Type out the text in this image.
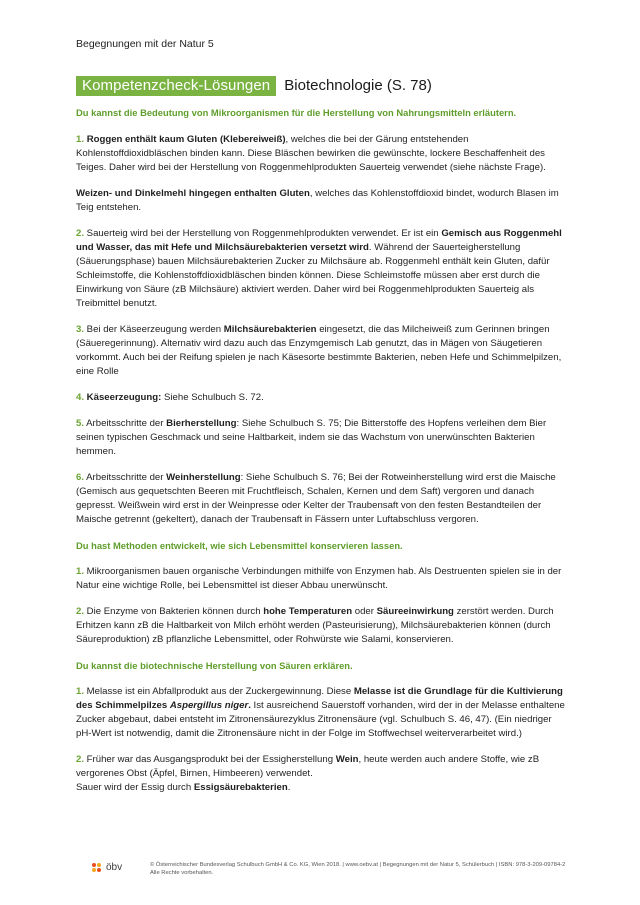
Begegnungen mit der Natur 5
Kompetenzcheck-Lösungen Biotechnologie (S. 78)

Du kannst die Bedeutung von Mikroorganismen für die Herstellung von Nahrungsmitteln erläutern.

1. Roggen enthält kaum Gluten (Klebereiweiß), welches die bei der Gärung entstehenden Kohlenstoffdioxidbläschen binden kann. Diese Bläschen bewirken die gewünschte, lockere Beschaffenheit des Teiges. Daher wird bei der Herstellung von Roggenmehlprodukten Sauerteig verwendet (siehe nächste Frage).

Weizen- und Dinkelmehl hingegen enthalten Gluten, welches das Kohlenstoffdioxid bindet, wodurch Blasen im Teig entstehen.

2. Sauerteig wird bei der Herstellung von Roggenmehlprodukten verwendet. Er ist ein Gemisch aus Roggenmehl und Wasser, das mit Hefe und Milchsäurebakterien versetzt wird. Während der Sauerteigherstellung (Säuerungsphase) bauen Milchsäurebakterien Zucker zu Milchsäure ab. Roggenmehl enthält kein Gluten, dafür Schleimstoffe, die Kohlenstoffdioxidbläschen binden können. Diese Schleimstoffe müssen aber erst durch die Einwirkung von Säure (zB Milchsäure) aktiviert werden. Daher wird bei Roggenmehlprodukten Sauerteig als Treibmittel benutzt.

3. Bei der Käseerzeugung werden Milchsäurebakterien eingesetzt, die das Milcheiweiß zum Gerinnen bringen (Säueregerinnung). Alternativ wird dazu auch das Enzymgemisch Lab genutzt, das in Mägen von Säugetieren vorkommt. Auch bei der Reifung spielen je nach Käsesorte bestimmte Bakterien, neben Hefe und Schimmelpilzen, eine Rolle

4. Käseerzeugung: Siehe Schulbuch S. 72.

5. Arbeitsschritte der Bierherstellung: Siehe Schulbuch S. 75; Die Bitterstoffe des Hopfens verleihen dem Bier seinen typischen Geschmack und seine Haltbarkeit, indem sie das Wachstum von unerwünschten Bakterien hemmen.

6. Arbeitsschritte der Weinherstellung: Siehe Schulbuch S. 76; Bei der Rotweinherstellung wird erst die Maische (Gemisch aus gequetschten Beeren mit Fruchtfleisch, Schalen, Kernen und dem Saft) vergoren und danach gepresst. Weißwein wird erst in der Weinpresse oder Kelter der Traubensaft von den festen Bestandteilen der Maische getrennt (gekeltert), danach der Traubensaft in Fässern unter Luftabschluss vergoren.

Du hast Methoden entwickelt, wie sich Lebensmittel konservieren lassen.

1. Mikroorganismen bauen organische Verbindungen mithilfe von Enzymen hab. Als Destruenten spielen sie in der Natur eine wichtige Rolle, bei Lebensmittel ist dieser Abbau unerwünscht.

2. Die Enzyme von Bakterien können durch hohe Temperaturen oder Säureeinwirkung zerstört werden. Durch Erhitzen kann zB die Haltbarkeit von Milch erhöht werden (Pasteurisierung), Milchsäurebakterien können (durch Säureproduktion) zB pflanzliche Lebensmittel, oder Rohwürste wie Salami, konservieren.

Du kannst die biotechnische Herstellung von Säuren erklären.

1. Melasse ist ein Abfallprodukt aus der Zuckergewinnung. Diese Melasse ist die Grundlage für die Kultivierung des Schimmelpilzes Aspergillus niger. Ist ausreichend Sauerstoff vorhanden, wird der in der Melasse enthaltene Zucker abgebaut, dabei entsteht im Zitronensäurezyklus Zitronensäure (vgl. Schulbuch S. 46, 47). (Ein niedriger pH-Wert ist notwendig, damit die Zitronensäure nicht in der Folge im Stoffwechsel weiterverarbeitet wird.)

2. Früher war das Ausgangsprodukt bei der Essigherstellung Wein, heute werden auch andere Stoffe, wie zB vergorenes Obst (Äpfel, Birnen, Himbeeren) verwendet.
Sauer wird der Essig durch Essigsäurebakterien.

öbv	© Österreichischer Bundesverlag Schulbuch GmbH & Co. KG, Wien 2018. | www.oebv.at | Begegnungen mit der Natur 5, Schülerbuch | ISBN: 978-3-209-09784-2
Alle Rechte vorbehalten.
